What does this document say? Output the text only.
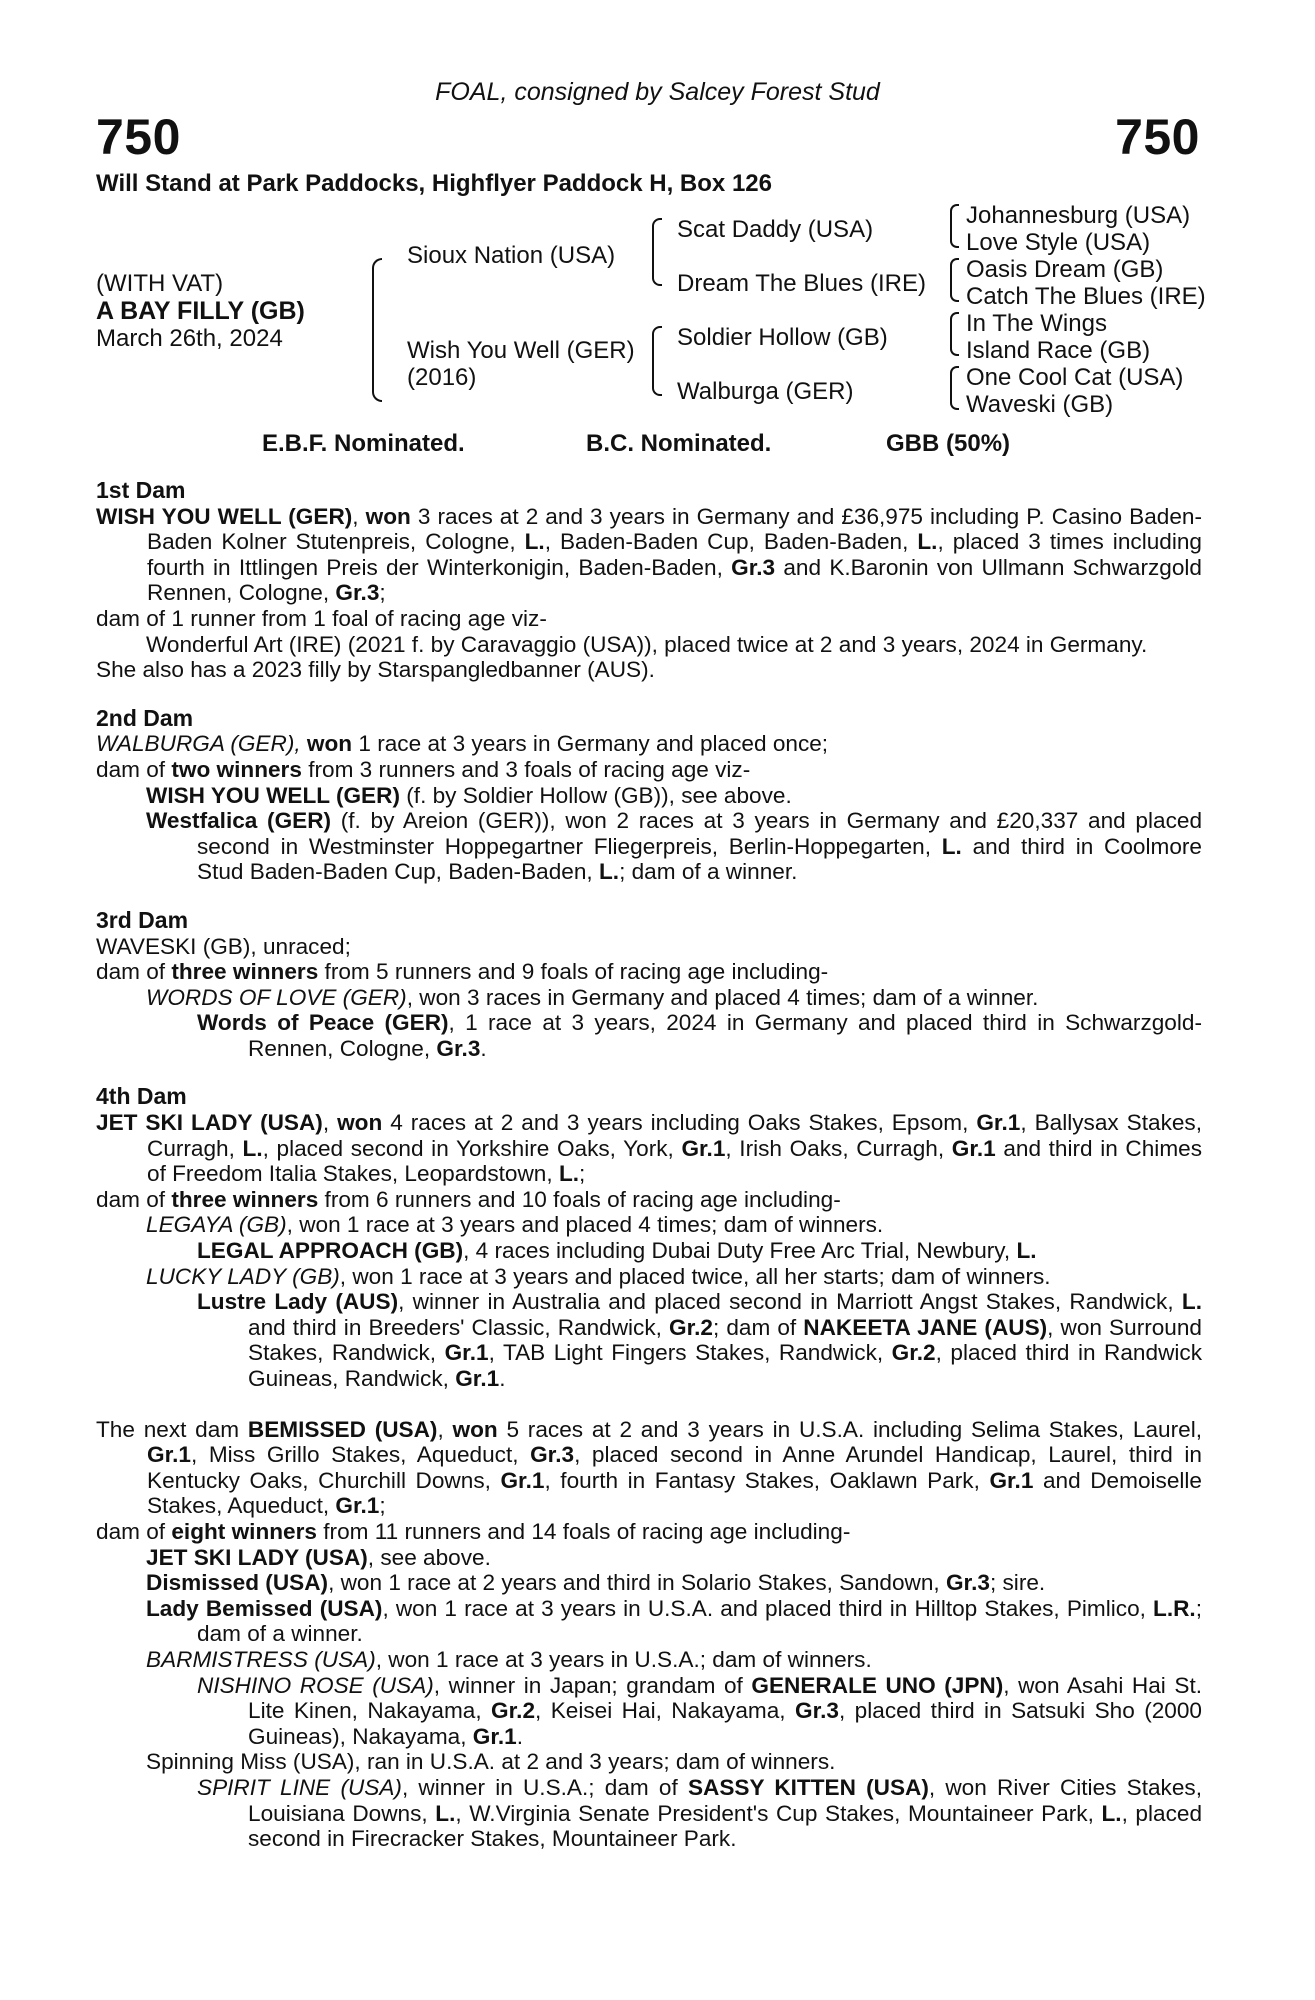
FOAL, consigned by Salcey Forest Stud
750	750
Will Stand at Park Paddocks, Highflyer Paddock H, Box 126
(WITH VAT)
A BAY FILLY (GB)
March 26th, 2024
Sioux Nation (USA)
Wish You Well (GER)
(2016)
Scat Daddy (USA)
Dream The Blues (IRE)
Soldier Hollow (GB)
Walburga (GER)
Johannesburg (USA)
Love Style (USA)
Oasis Dream (GB)
Catch The Blues (IRE)
In The Wings
Island Race (GB)
One Cool Cat (USA)
Waveski (GB)
E.B.F. Nominated.	B.C. Nominated.	GBB (50%)
1st Dam
WISH YOU WELL (GER), won 3 races at 2 and 3 years in Germany and £36,975 including P. Casino Baden-Baden Kolner Stutenpreis, Cologne, L., Baden-Baden Cup, Baden-Baden, L., placed 3 times including fourth in Ittlingen Preis der Winterkonigin, Baden-Baden, Gr.3 and K.Baronin von Ullmann Schwarzgold Rennen, Cologne, Gr.3;
dam of 1 runner from 1 foal of racing age viz-
Wonderful Art (IRE) (2021 f. by Caravaggio (USA)), placed twice at 2 and 3 years, 2024 in Germany.
She also has a 2023 filly by Starspangledbanner (AUS).
2nd Dam
WALBURGA (GER), won 1 race at 3 years in Germany and placed once;
dam of two winners from 3 runners and 3 foals of racing age viz-
WISH YOU WELL (GER) (f. by Soldier Hollow (GB)), see above.
Westfalica (GER) (f. by Areion (GER)), won 2 races at 3 years in Germany and £20,337 and placed second in Westminster Hoppegartner Fliegerpreis, Berlin-Hoppegarten, L. and third in Coolmore Stud Baden-Baden Cup, Baden-Baden, L.; dam of a winner.
3rd Dam
WAVESKI (GB), unraced;
dam of three winners from 5 runners and 9 foals of racing age including-
WORDS OF LOVE (GER), won 3 races in Germany and placed 4 times; dam of a winner.
Words of Peace (GER), 1 race at 3 years, 2024 in Germany and placed third in Schwarzgold-Rennen, Cologne, Gr.3.
4th Dam
JET SKI LADY (USA), won 4 races at 2 and 3 years including Oaks Stakes, Epsom, Gr.1, Ballysax Stakes, Curragh, L., placed second in Yorkshire Oaks, York, Gr.1, Irish Oaks, Curragh, Gr.1 and third in Chimes of Freedom Italia Stakes, Leopardstown, L.;
dam of three winners from 6 runners and 10 foals of racing age including-
LEGAYA (GB), won 1 race at 3 years and placed 4 times; dam of winners.
LEGAL APPROACH (GB), 4 races including Dubai Duty Free Arc Trial, Newbury, L.
LUCKY LADY (GB), won 1 race at 3 years and placed twice, all her starts; dam of winners.
Lustre Lady (AUS), winner in Australia and placed second in Marriott Angst Stakes, Randwick, L. and third in Breeders' Classic, Randwick, Gr.2; dam of NAKEETA JANE (AUS), won Surround Stakes, Randwick, Gr.1, TAB Light Fingers Stakes, Randwick, Gr.2, placed third in Randwick Guineas, Randwick, Gr.1.
The next dam BEMISSED (USA), won 5 races at 2 and 3 years in U.S.A. including Selima Stakes, Laurel, Gr.1, Miss Grillo Stakes, Aqueduct, Gr.3, placed second in Anne Arundel Handicap, Laurel, third in Kentucky Oaks, Churchill Downs, Gr.1, fourth in Fantasy Stakes, Oaklawn Park, Gr.1 and Demoiselle Stakes, Aqueduct, Gr.1;
dam of eight winners from 11 runners and 14 foals of racing age including-
JET SKI LADY (USA), see above.
Dismissed (USA), won 1 race at 2 years and third in Solario Stakes, Sandown, Gr.3; sire.
Lady Bemissed (USA), won 1 race at 3 years in U.S.A. and placed third in Hilltop Stakes, Pimlico, L.R.; dam of a winner.
BARMISTRESS (USA), won 1 race at 3 years in U.S.A.; dam of winners.
NISHINO ROSE (USA), winner in Japan; grandam of GENERALE UNO (JPN), won Asahi Hai St. Lite Kinen, Nakayama, Gr.2, Keisei Hai, Nakayama, Gr.3, placed third in Satsuki Sho (2000 Guineas), Nakayama, Gr.1.
Spinning Miss (USA), ran in U.S.A. at 2 and 3 years; dam of winners.
SPIRIT LINE (USA), winner in U.S.A.; dam of SASSY KITTEN (USA), won River Cities Stakes, Louisiana Downs, L., W.Virginia Senate President's Cup Stakes, Mountaineer Park, L., placed second in Firecracker Stakes, Mountaineer Park.
